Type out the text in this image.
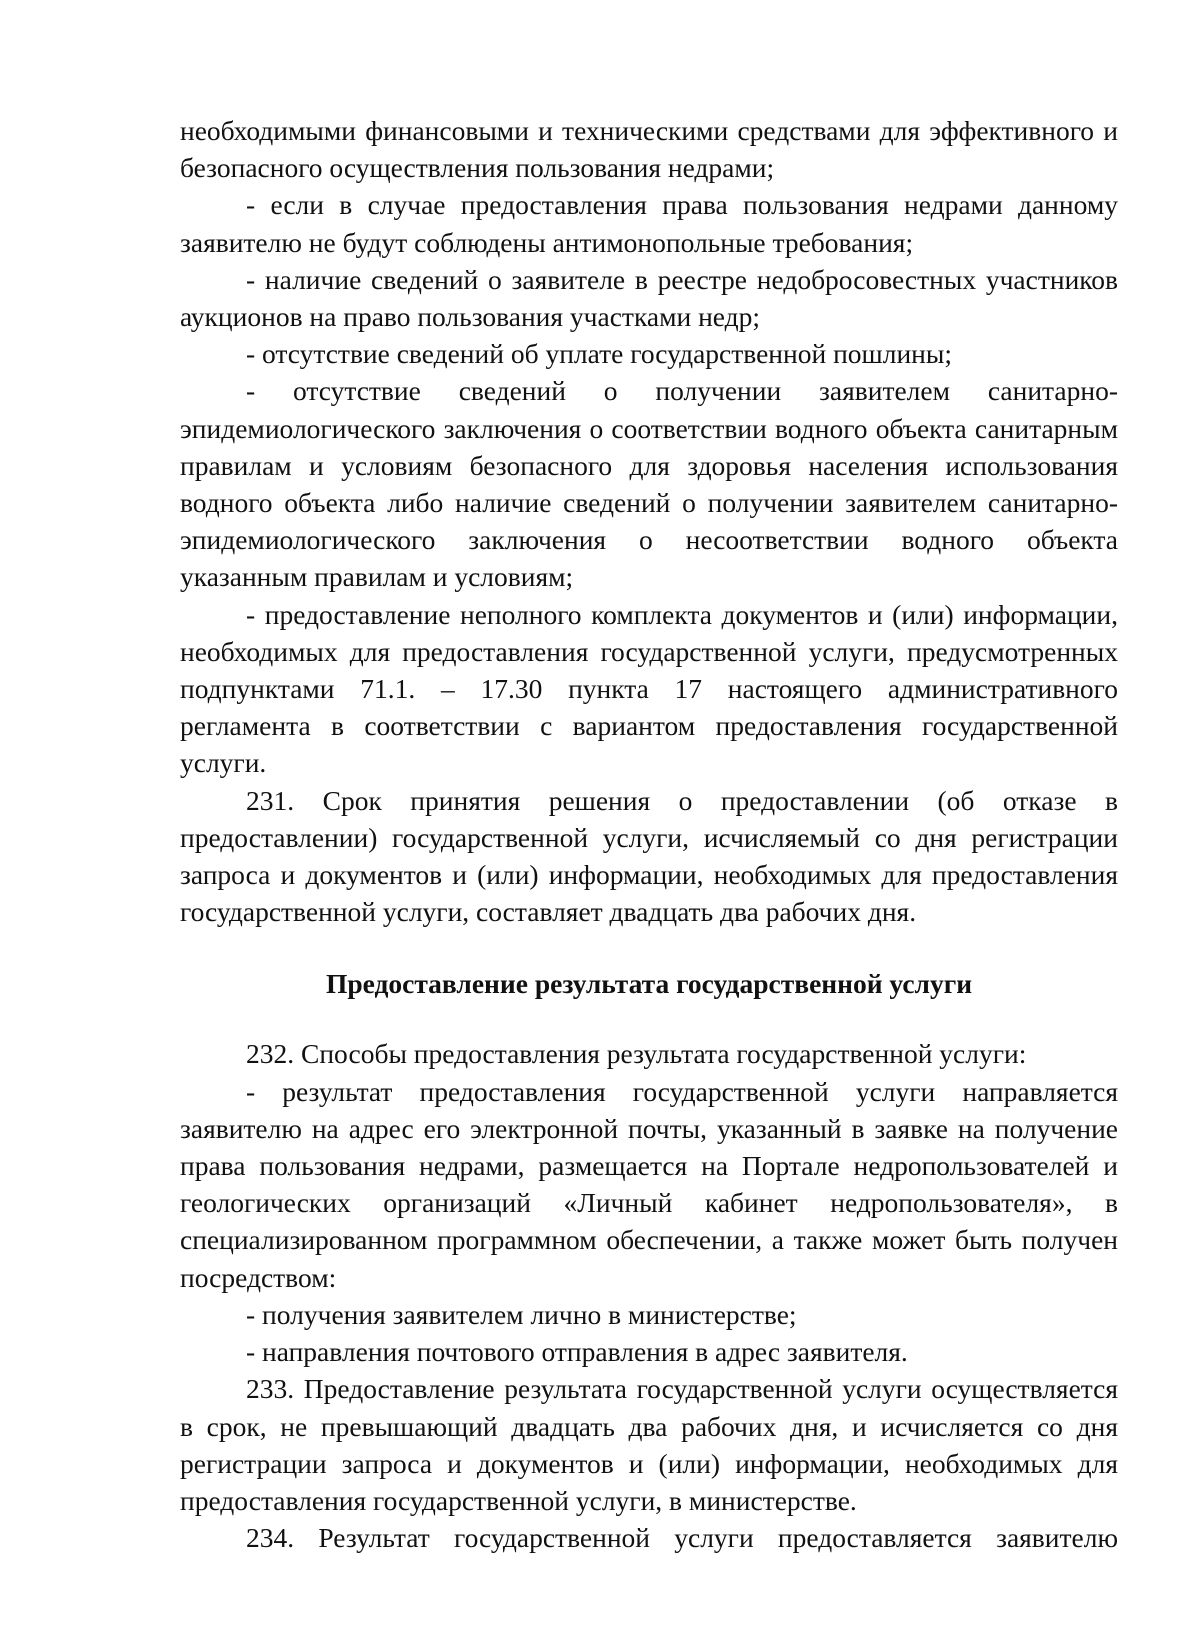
необходимыми финансовыми и техническими средствами для эффективного и безопасного осуществления пользования недрами;

- если в случае предоставления права пользования недрами данному заявителю не будут соблюдены антимонопольные требования;

- наличие сведений о заявителе в реестре недобросовестных участников аукционов на право пользования участками недр;

- отсутствие сведений об уплате государственной пошлины;

- отсутствие сведений о получении заявителем санитарно-эпидемиологического заключения о соответствии водного объекта санитарным правилам и условиям безопасного для здоровья населения использования водного объекта либо наличие сведений о получении заявителем санитарно-эпидемиологического заключения о несоответствии водного объекта указанным правилам и условиям;

- предоставление неполного комплекта документов и (или) информации, необходимых для предоставления государственной услуги, предусмотренных подпунктами 71.1. – 17.30 пункта 17 настоящего административного регламента в соответствии с вариантом предоставления государственной услуги.

231. Срок принятия решения о предоставлении (об отказе в предоставлении) государственной услуги, исчисляемый со дня регистрации запроса и документов и (или) информации, необходимых для предоставления государственной услуги, составляет двадцать два рабочих дня.

Предоставление результата государственной услуги

232. Способы предоставления результата государственной услуги:

- результат предоставления государственной услуги направляется заявителю на адрес его электронной почты, указанный в заявке на получение права пользования недрами, размещается на Портале недропользователей и геологических организаций «Личный кабинет недропользователя», в специализированном программном обеспечении, а также может быть получен посредством:

- получения заявителем лично в министерстве;

- направления почтового отправления в адрес заявителя.

233. Предоставление результата государственной услуги осуществляется в срок, не превышающий двадцать два рабочих дня, и исчисляется со дня регистрации запроса и документов и (или) информации, необходимых для предоставления государственной услуги, в министерстве.

234. Результат государственной услуги предоставляется заявителю
